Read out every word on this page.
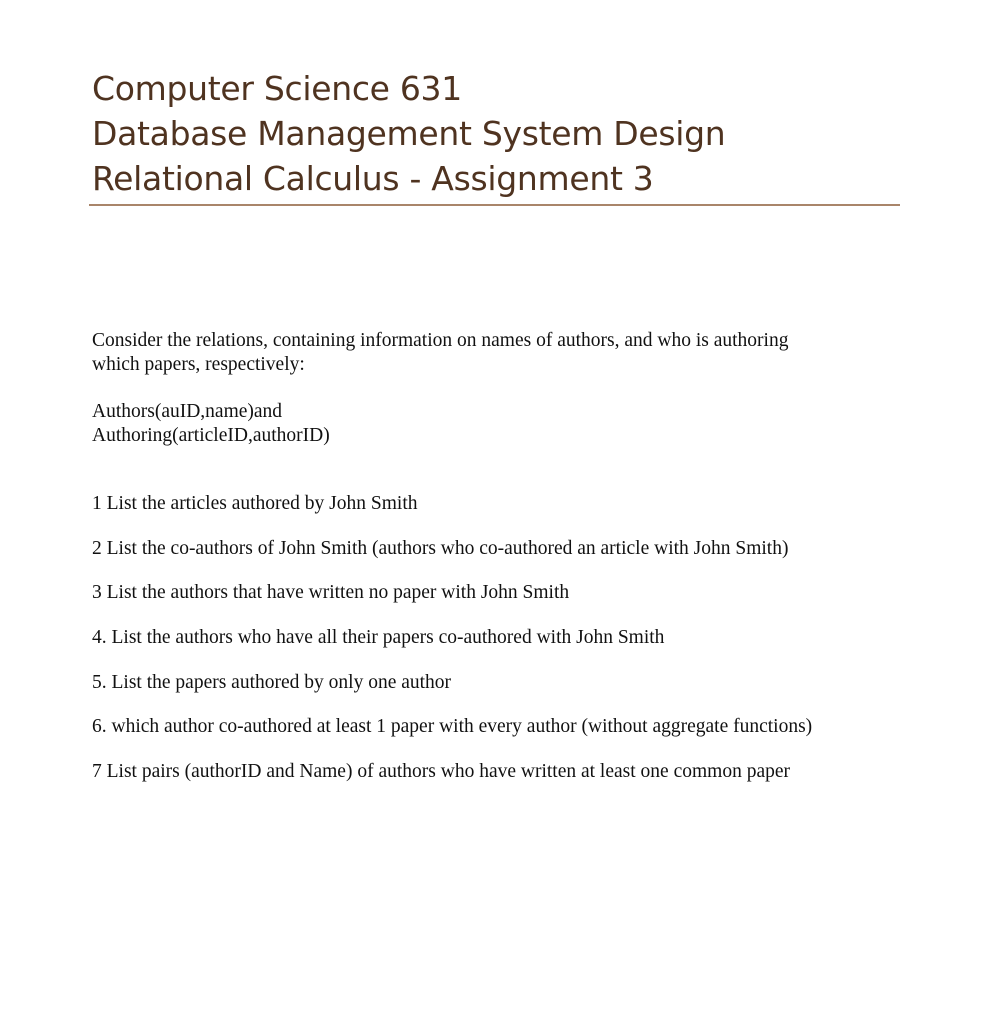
Computer Science 631
Database Management System Design
Relational Calculus - Assignment 3
Consider the relations, containing information on names of authors, and who is authoring
which papers, respectively:
Authors(auID,name)and
Authoring(articleID,authorID)
1 List the articles authored by John Smith
2 List the co-authors of John Smith (authors who co-authored an article with John Smith)
3 List the authors that have written no paper with John Smith
4. List the authors who have all their papers co-authored with John Smith
5. List the papers authored by only one author
6. which author co-authored at least 1 paper with every author (without aggregate functions)
7 List pairs (authorID and Name) of authors who have written at least one common paper
